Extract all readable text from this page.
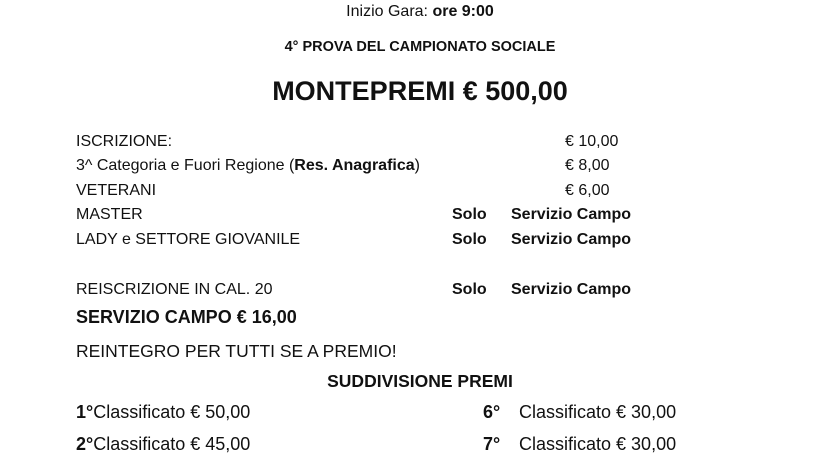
Inizio Gara: ore 9:00
4° PROVA DEL CAMPIONATO SOCIALE
MONTEPREMI € 500,00
ISCRIZIONE:	€ 10,00
3^ Categoria e Fuori Regione (Res. Anagrafica)	€ 8,00
VETERANI	€ 6,00
MASTER	Solo Servizio Campo
LADY e SETTORE GIOVANILE	Solo Servizio Campo
REISCRIZIONE IN CAL. 20	Solo Servizio Campo
SERVIZIO CAMPO € 16,00
REINTEGRO PER TUTTI SE A PREMIO!
SUDDIVISIONE PREMI
1°Classificato € 50,00	6° Classificato € 30,00
2°Classificato € 45,00	7° Classificato € 30,00
